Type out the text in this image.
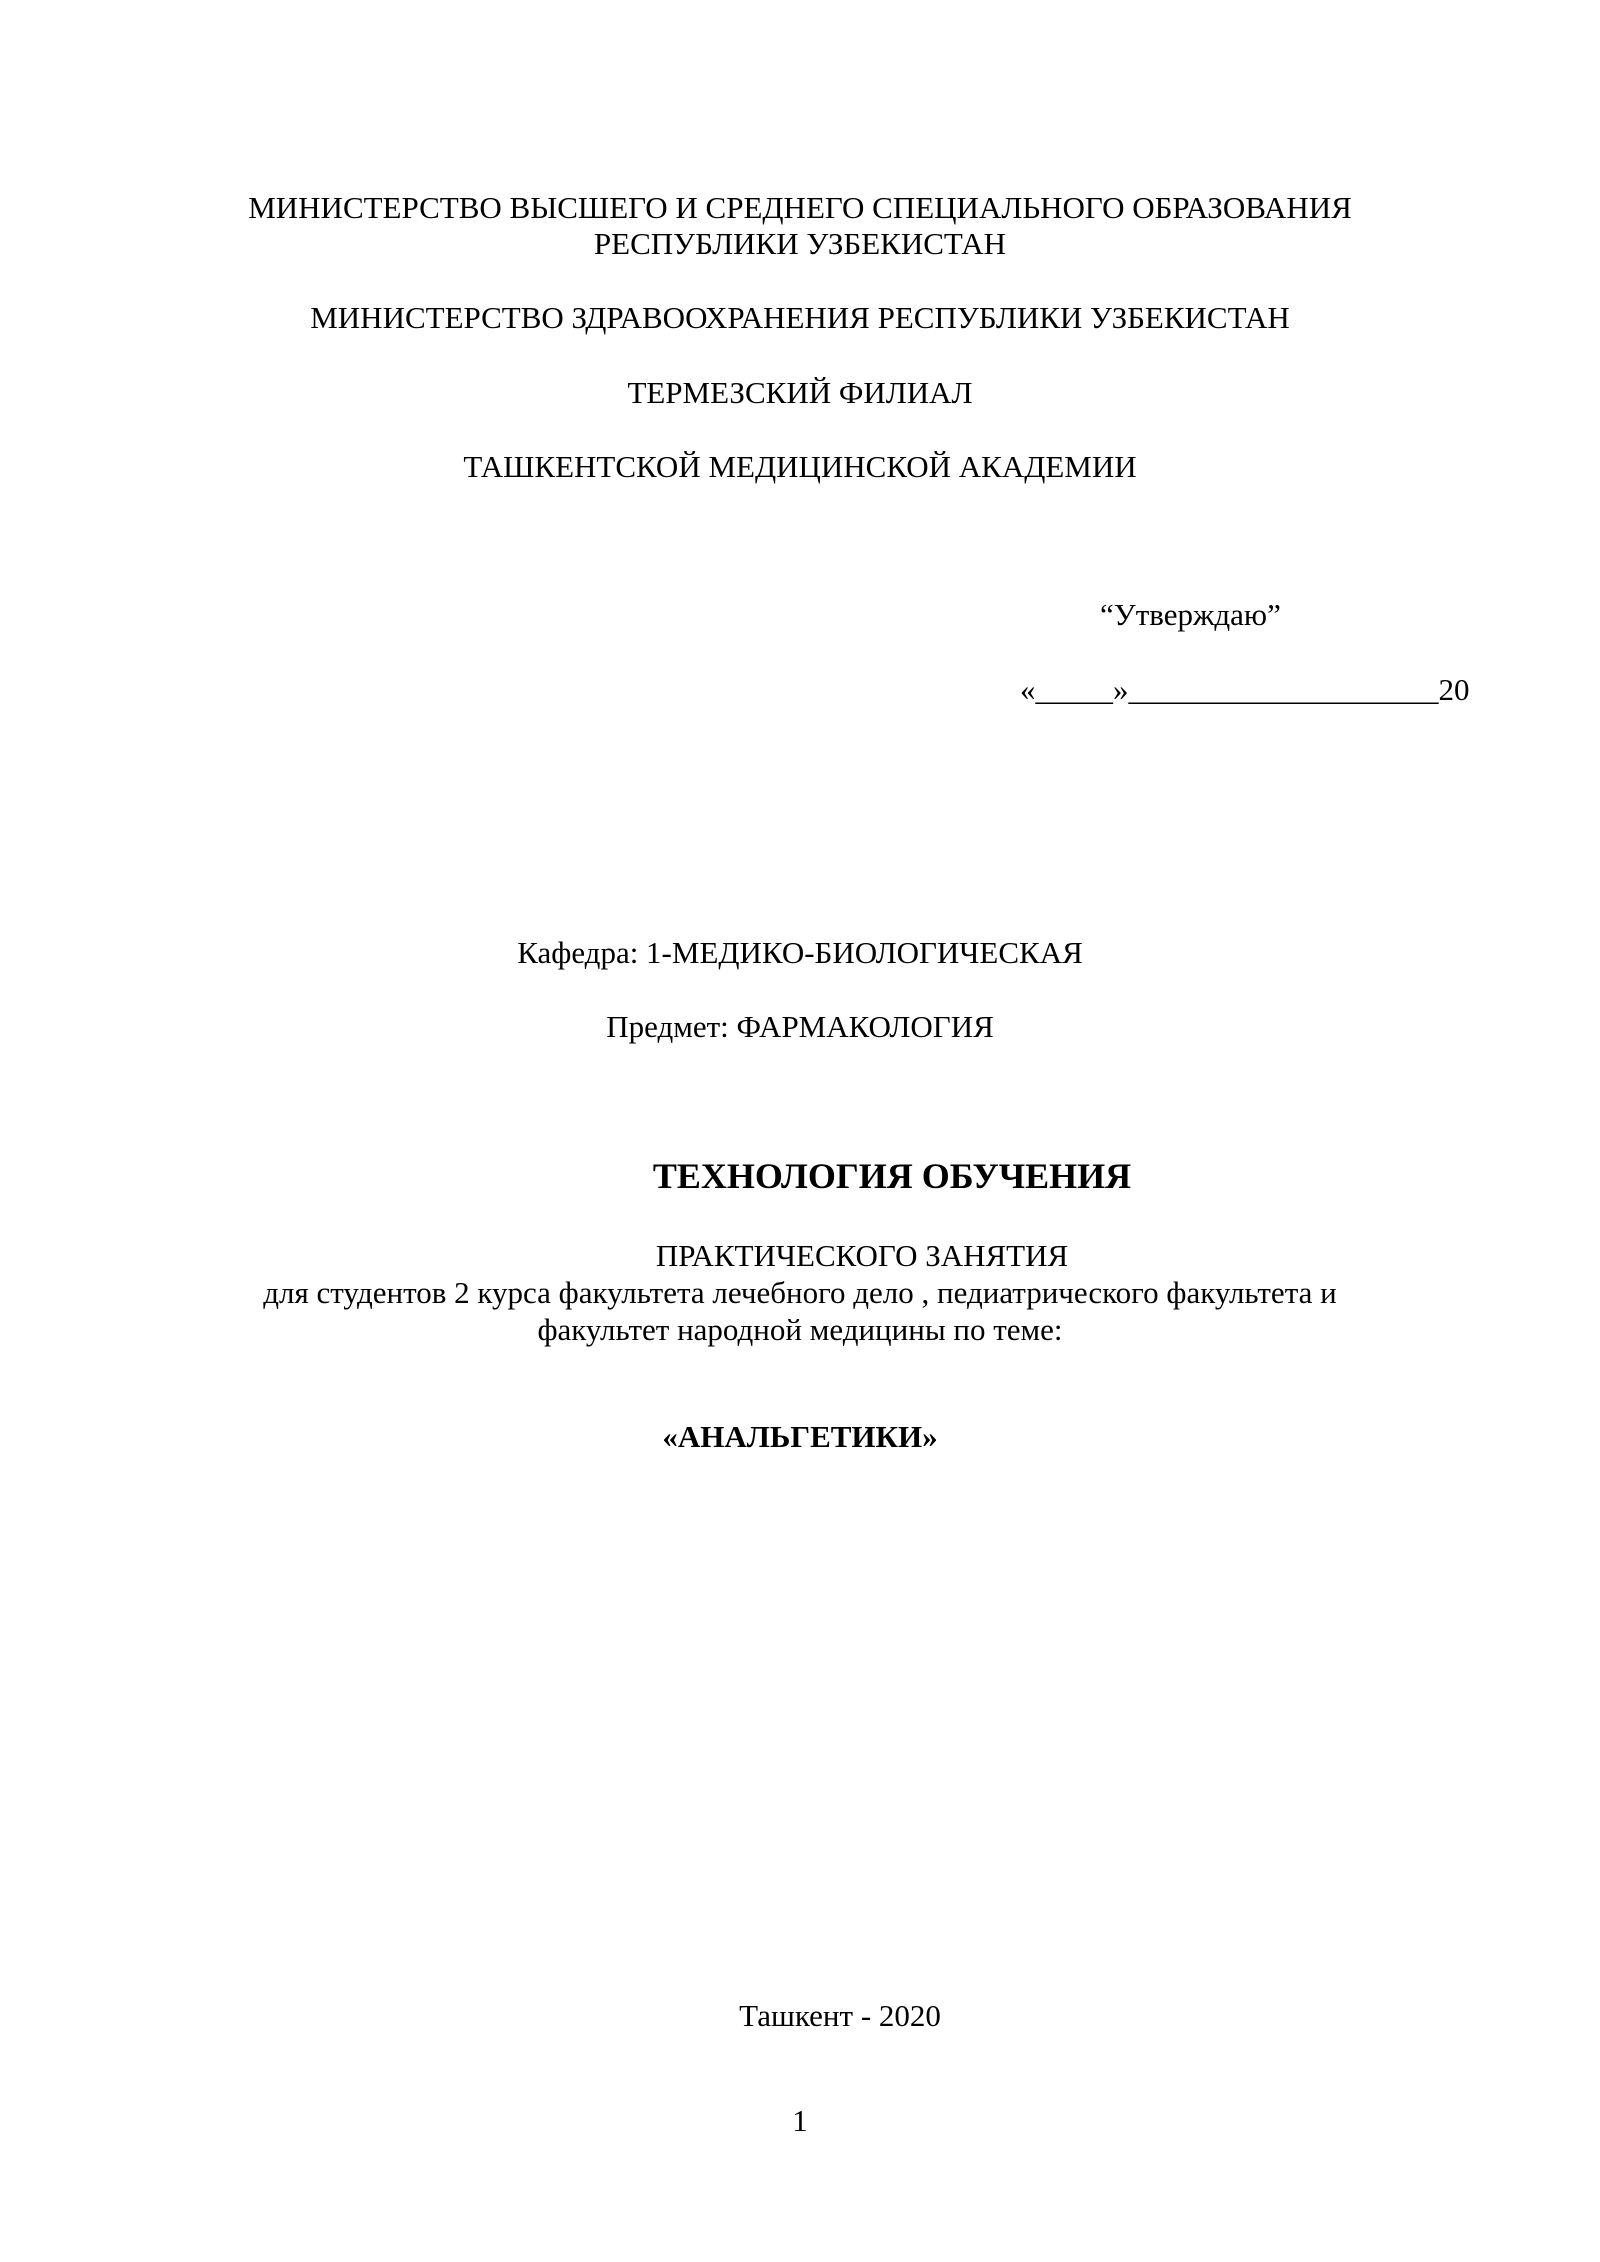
МИНИСТЕРСТВО ВЫСШЕГО И СРЕДНЕГО СПЕЦИАЛЬНОГО ОБРАЗОВАНИЯ
РЕСПУБЛИКИ УЗБЕКИСТАН
МИНИСТЕРСТВО ЗДРАВООХРАНЕНИЯ РЕСПУБЛИКИ УЗБЕКИСТАН
ТЕРМЕЗСКИЙ ФИЛИАЛ
ТАШКЕНТСКОЙ МЕДИЦИНСКОЙ АКАДЕМИИ
“Утверждаю”
«_____»____________________20
Кафедра: 1-МЕДИКО-БИОЛОГИЧЕСКАЯ
Предмет: ФАРМАКОЛОГИЯ
ТЕХНОЛОГИЯ ОБУЧЕНИЯ
ПРАКТИЧЕСКОГО ЗАНЯТИЯ
для студентов 2 курса факультета лечебного дело , педиатрического факультета и
факультет народной медицины по теме:
«АНАЛЬГЕТИКИ»
Ташкент - 2020
1
